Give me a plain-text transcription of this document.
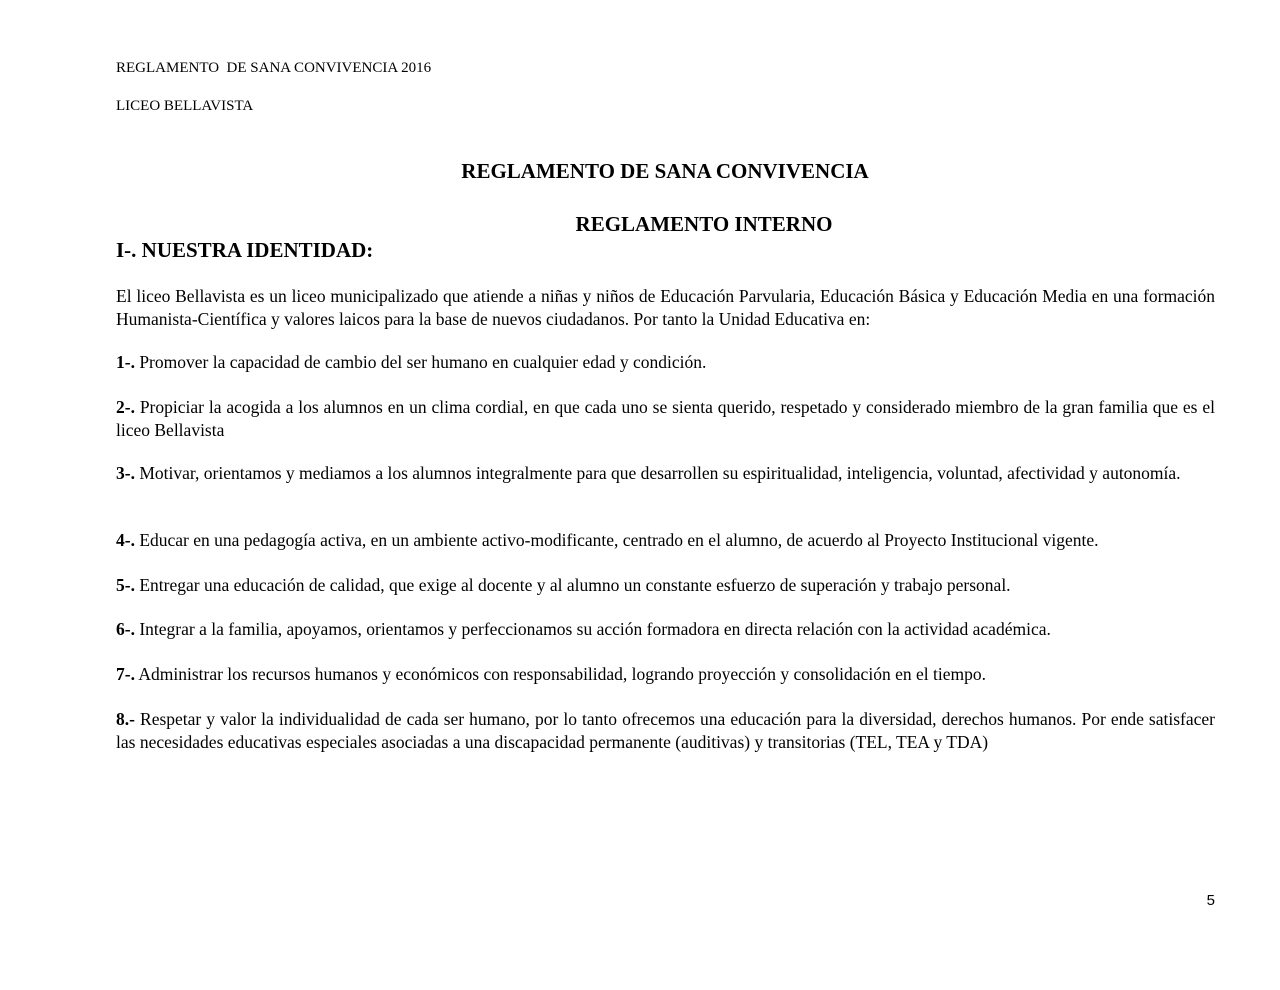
REGLAMENTO  DE SANA CONVIVENCIA 2016
LICEO BELLAVISTA
REGLAMENTO DE SANA CONVIVENCIA
REGLAMENTO INTERNO
I-. NUESTRA IDENTIDAD:

El liceo Bellavista es un liceo municipalizado que atiende a niñas y niños de Educación Parvularia, Educación Básica y Educación Media en una formación Humanista-Científica y valores laicos para la base de nuevos ciudadanos. Por tanto la Unidad Educativa en:

1-. Promover la capacidad de cambio del ser humano en cualquier edad y condición.

2-. Propiciar la acogida a los alumnos en un clima cordial, en que cada uno se sienta querido, respetado y considerado miembro de la gran familia que es el liceo Bellavista

3-. Motivar, orientamos y mediamos a los alumnos integralmente para que desarrollen su espiritualidad, inteligencia, voluntad, afectividad y autonomía.

4-. Educar en una pedagogía activa, en un ambiente activo-modificante, centrado en el alumno, de acuerdo al Proyecto Institucional vigente.

5-. Entregar una educación de calidad, que exige al docente y al alumno un constante esfuerzo de superación y trabajo personal.

6-. Integrar a la familia, apoyamos, orientamos y perfeccionamos su acción formadora en directa relación con la actividad académica.

7-. Administrar los recursos humanos y económicos con responsabilidad, logrando proyección y consolidación en el tiempo.

8.- Respetar y valor la individualidad de cada ser humano, por lo tanto ofrecemos una educación para la diversidad, derechos humanos. Por ende satisfacer las necesidades educativas especiales asociadas a una discapacidad permanente (auditivas) y transitorias (TEL, TEA y TDA)

5
